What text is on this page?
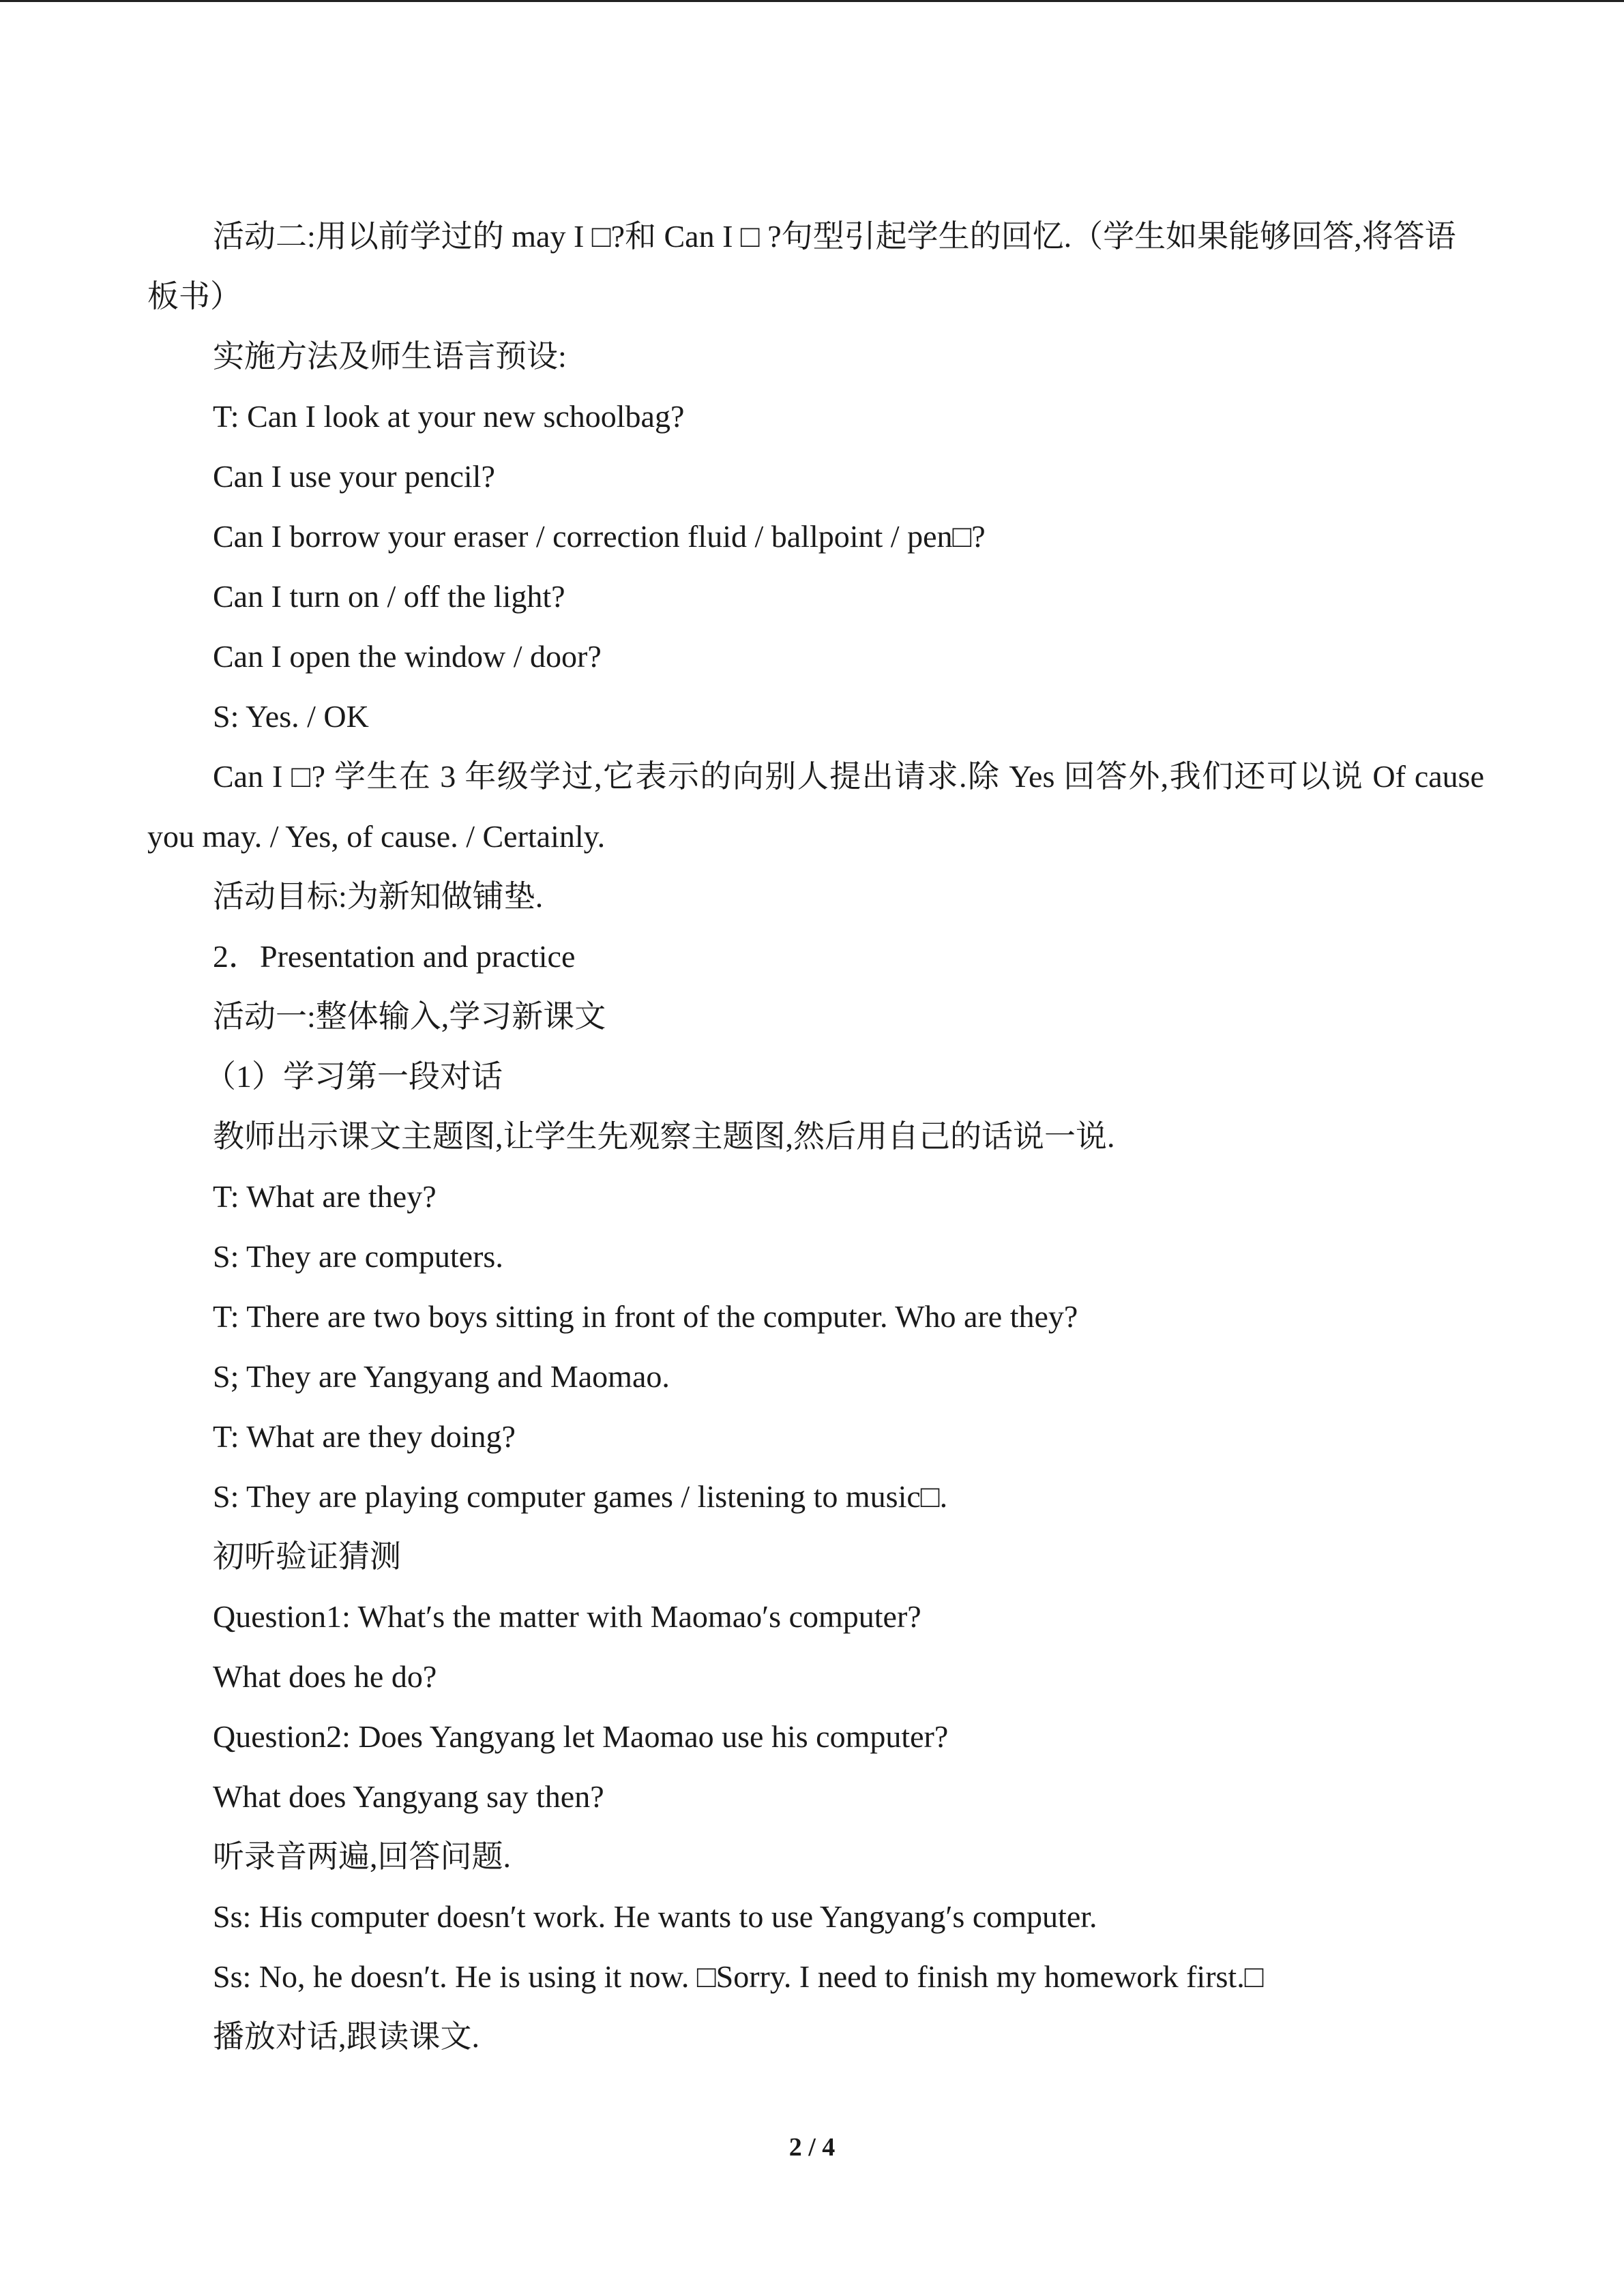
活动二:用以前学过的 may I □?和 Can I □ ?句型引起学生的回忆.（学生如果能够回答,将答语板书）
实施方法及师生语言预设:
T: Can I look at your new schoolbag?
Can I use your pencil?
Can I borrow your eraser / correction fluid / ballpoint / pen□?
Can I turn on / off the light?
Can I open the window / door?
S: Yes. / OK
Can I □? 学生在 3 年级学过,它表示的向别人提出请求.除 Yes 回答外,我们还可以说 Of cause you may. / Yes, of cause. / Certainly.
活动目标:为新知做铺垫.
2．Presentation and practice
活动一:整体输入,学习新课文
（1）学习第一段对话
教师出示课文主题图,让学生先观察主题图,然后用自己的话说一说.
T: What are they?
S: They are computers.
T: There are two boys sitting in front of the computer. Who are they?
S; They are Yangyang and Maomao.
T: What are they doing?
S: They are playing computer games / listening to music□.
初听验证猜测
Question1: What′s the matter with Maomao′s computer?
What does he do?
Question2: Does Yangyang let Maomao use his computer?
What does Yangyang say then?
听录音两遍,回答问题.
Ss: His computer doesn′t work. He wants to use Yangyang′s computer.
Ss: No, he doesn′t. He is using it now. □Sorry. I need to finish my homework first.□
播放对话,跟读课文.
2 / 4
